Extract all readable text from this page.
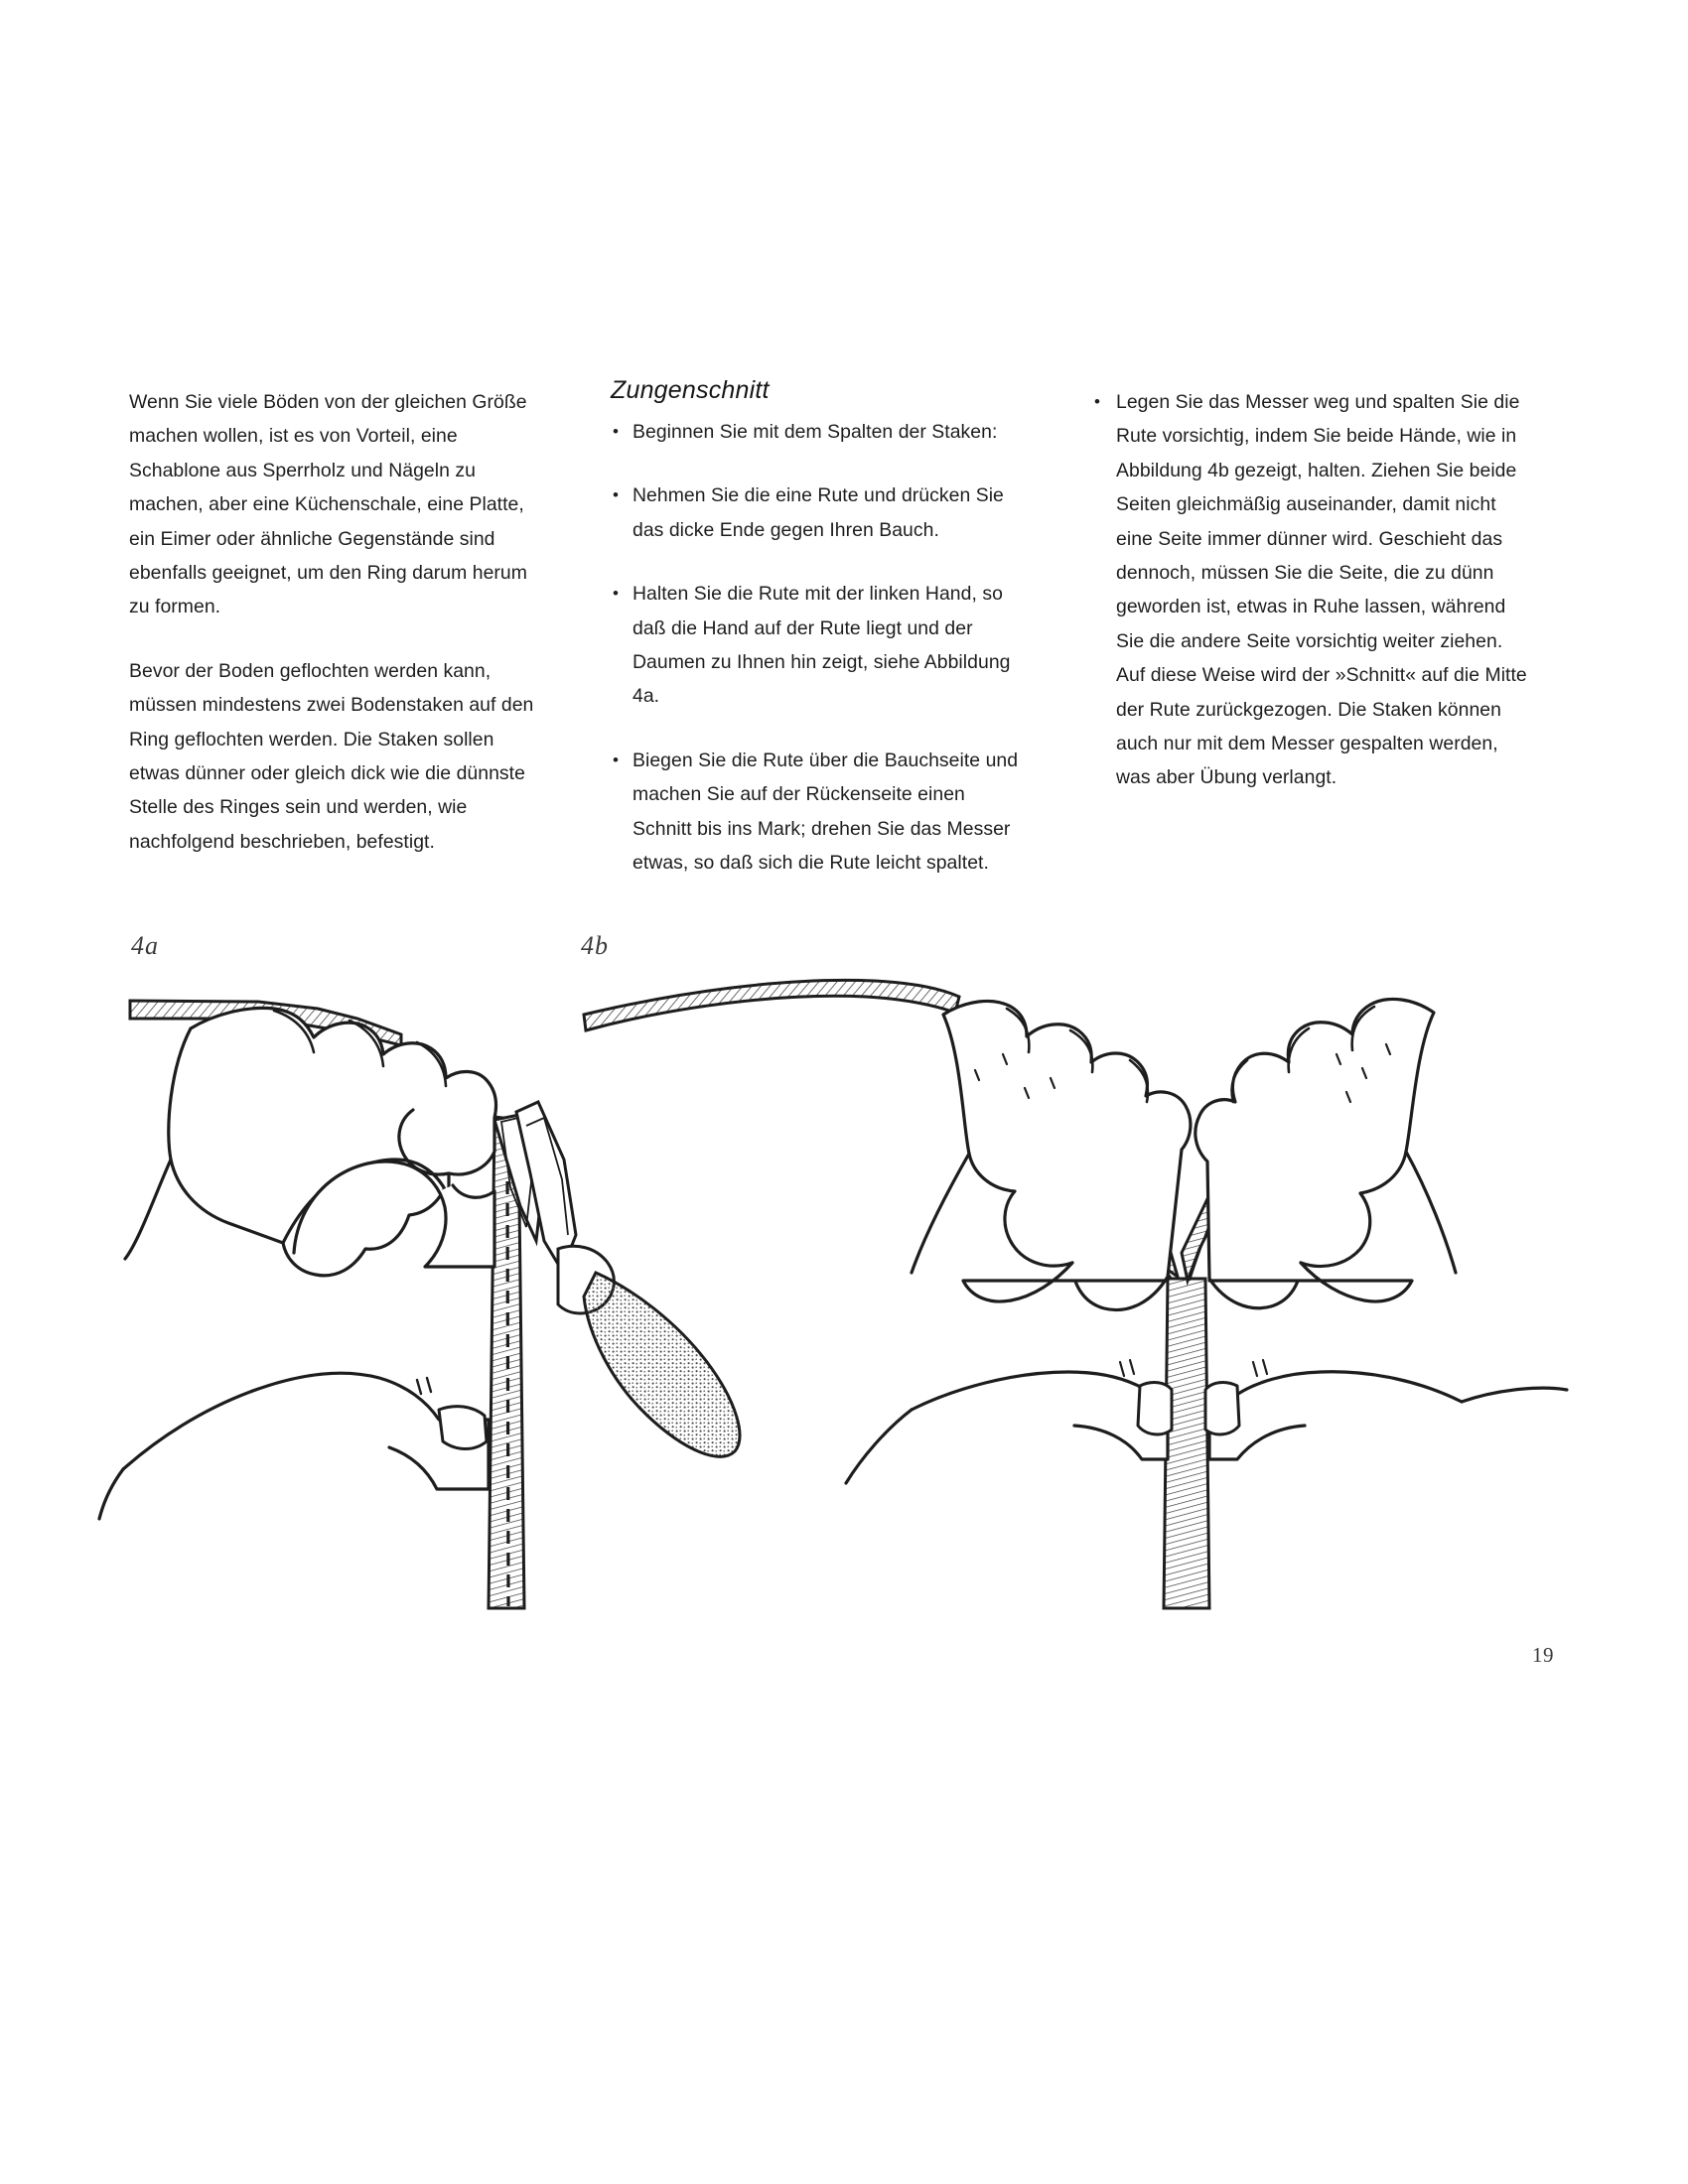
Wenn Sie viele Böden von der gleichen Größe machen wollen, ist es von Vorteil, eine Schablone aus Sperrholz und Nägeln zu machen, aber eine Küchenschale, eine Platte, ein Eimer oder ähnliche Gegenstände sind ebenfalls geeignet, um den Ring darum herum zu formen.

Bevor der Boden geflochten werden kann, müssen mindestens zwei Bodenstaken auf den Ring geflochten werden. Die Staken sollen etwas dünner oder gleich dick wie die dünnste Stelle des Ringes sein und werden, wie nachfolgend beschrieben, befestigt.

Zungenschnitt
• Beginnen Sie mit dem Spalten der Staken:
• Nehmen Sie die eine Rute und drücken Sie das dicke Ende gegen Ihren Bauch.
• Halten Sie die Rute mit der linken Hand, so daß die Hand auf der Rute liegt und der Daumen zu Ihnen hin zeigt, siehe Abbildung 4a.
• Biegen Sie die Rute über die Bauchseite und machen Sie auf der Rückenseite einen Schnitt bis ins Mark; drehen Sie das Messer etwas, so daß sich die Rute leicht spaltet.
• Legen Sie das Messer weg und spalten Sie die Rute vorsichtig, indem Sie beide Hände, wie in Abbildung 4b gezeigt, halten. Ziehen Sie beide Seiten gleichmäßig auseinander, damit nicht eine Seite immer dünner wird. Geschieht das dennoch, müssen Sie die Seite, die zu dünn geworden ist, etwas in Ruhe lassen, während Sie die andere Seite vorsichtig weiter ziehen. Auf diese Weise wird der »Schnitt« auf die Mitte der Rute zurückgezogen. Die Staken können auch nur mit dem Messer gespalten werden, was aber Übung verlangt.
4a	4b
19
